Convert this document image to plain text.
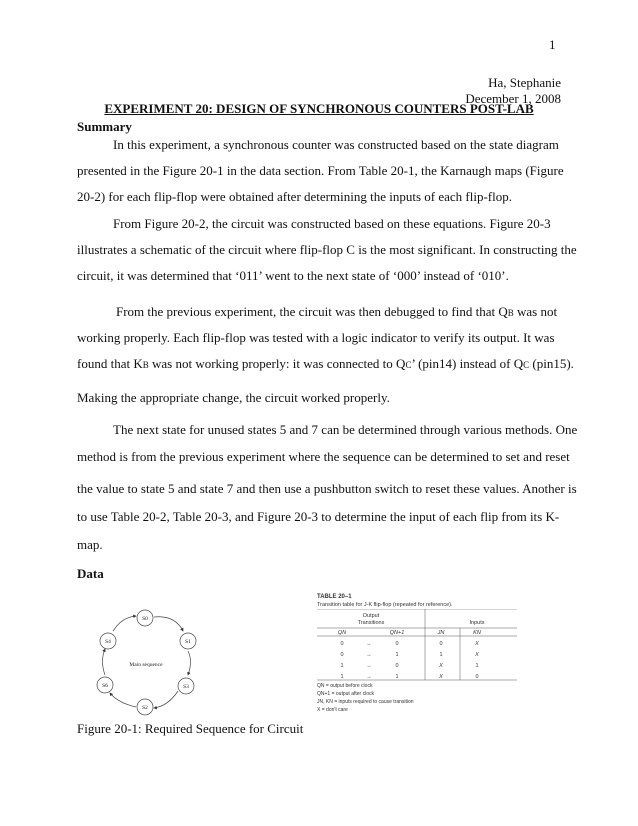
1
Ha, Stephanie
December 1, 2008
EXPERIMENT 20: DESIGN OF SYNCHRONOUS COUNTERS POST-LAB
Summary
In this experiment, a synchronous counter was constructed based on the state diagram
presented in the Figure 20-1 in the data section. From Table 20-1, the Karnaugh maps (Figure
20-2) for each flip-flop were obtained after determining the inputs of each flip-flop.
From Figure 20-2, the circuit was constructed based on these equations. Figure 20-3
illustrates a schematic of the circuit where flip-flop C is the most significant. In constructing the
circuit, it was determined that ‘011’ went to the next state of ‘000’ instead of ‘010’.
From the previous experiment, the circuit was then debugged to find that QB was not
working properly. Each flip-flop was tested with a logic indicator to verify its output. It was
found that KB was not working properly: it was connected to QC’ (pin14) instead of QC (pin15).
Making the appropriate change, the circuit worked properly.
The next state for unused states 5 and 7 can be determined through various methods. One
method is from the previous experiment where the sequence can be determined to set and reset
the value to state 5 and state 7 and then use a pushbutton switch to reset these values. Another is
to use Table 20-2, Table 20-3, and Figure 20-3 to determine the input of each flip from its K-
map.
Data
S0
S1
S3
S2
S6
S4
Main sequence
Figure 20-1: Required Sequence for Circuit
TABLE 20–1
Transition table for J-K flip-flop (repeated for reference).
Output
Transitions	Inputs
QN	QN+1	JN	KN
0	→	0	0	X
0	→	1	1	X
1	→	0	X	1
1	→	1	X	0
QN = output before clock
QN+1 = output after clock
JN, KN = inputs required to cause transition
X = don't care
